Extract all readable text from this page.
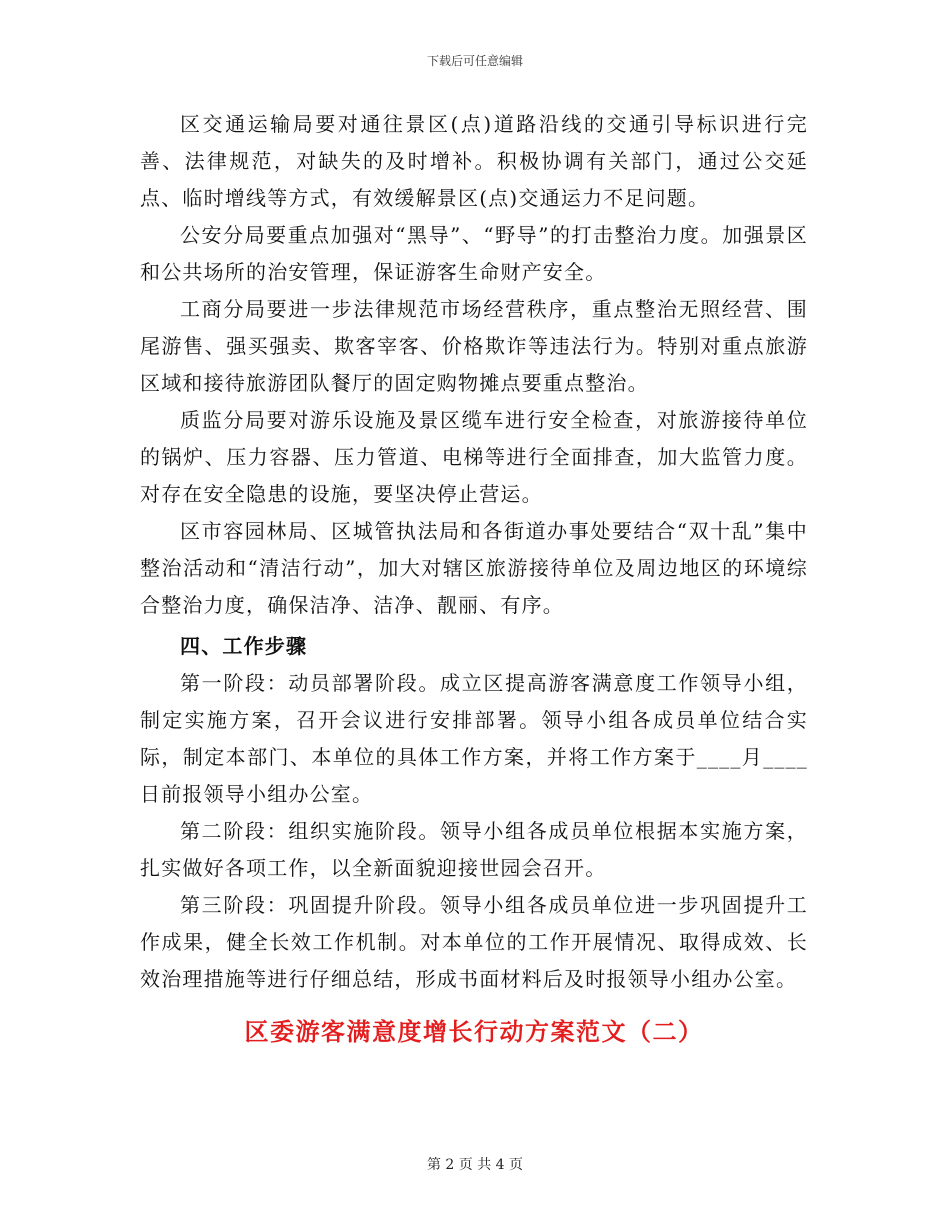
下载后可任意编辑

区交通运输局要对通往景区(点)道路沿线的交通引导标识进行完善、法律规范，对缺失的及时增补。积极协调有关部门，通过公交延点、临时增线等方式，有效缓解景区(点)交通运力不足问题。

公安分局要重点加强对“黑导”、“野导”的打击整治力度。加强景区和公共场所的治安管理，保证游客生命财产安全。

工商分局要进一步法律规范市场经营秩序，重点整治无照经营、围尾游售、强买强卖、欺客宰客、价格欺诈等违法行为。特别对重点旅游区域和接待旅游团队餐厅的固定购物摊点要重点整治。

质监分局要对游乐设施及景区缆车进行安全检查，对旅游接待单位的锅炉、压力容器、压力管道、电梯等进行全面排查，加大监管力度。对存在安全隐患的设施，要坚决停止营运。

区市容园林局、区城管执法局和各街道办事处要结合“双十乱”集中整治活动和“清洁行动”，加大对辖区旅游接待单位及周边地区的环境综合整治力度，确保洁净、洁净、靓丽、有序。

四、工作步骤

第一阶段：动员部署阶段。成立区提高游客满意度工作领导小组，制定实施方案，召开会议进行安排部署。领导小组各成员单位结合实际，制定本部门、本单位的具体工作方案，并将工作方案于____月____日前报领导小组办公室。

第二阶段：组织实施阶段。领导小组各成员单位根据本实施方案，扎实做好各项工作，以全新面貌迎接世园会召开。

第三阶段：巩固提升阶段。领导小组各成员单位进一步巩固提升工作成果，健全长效工作机制。对本单位的工作开展情况、取得成效、长效治理措施等进行仔细总结，形成书面材料后及时报领导小组办公室。

区委游客满意度增长行动方案范文（二）
第 2 页 共 4 页
